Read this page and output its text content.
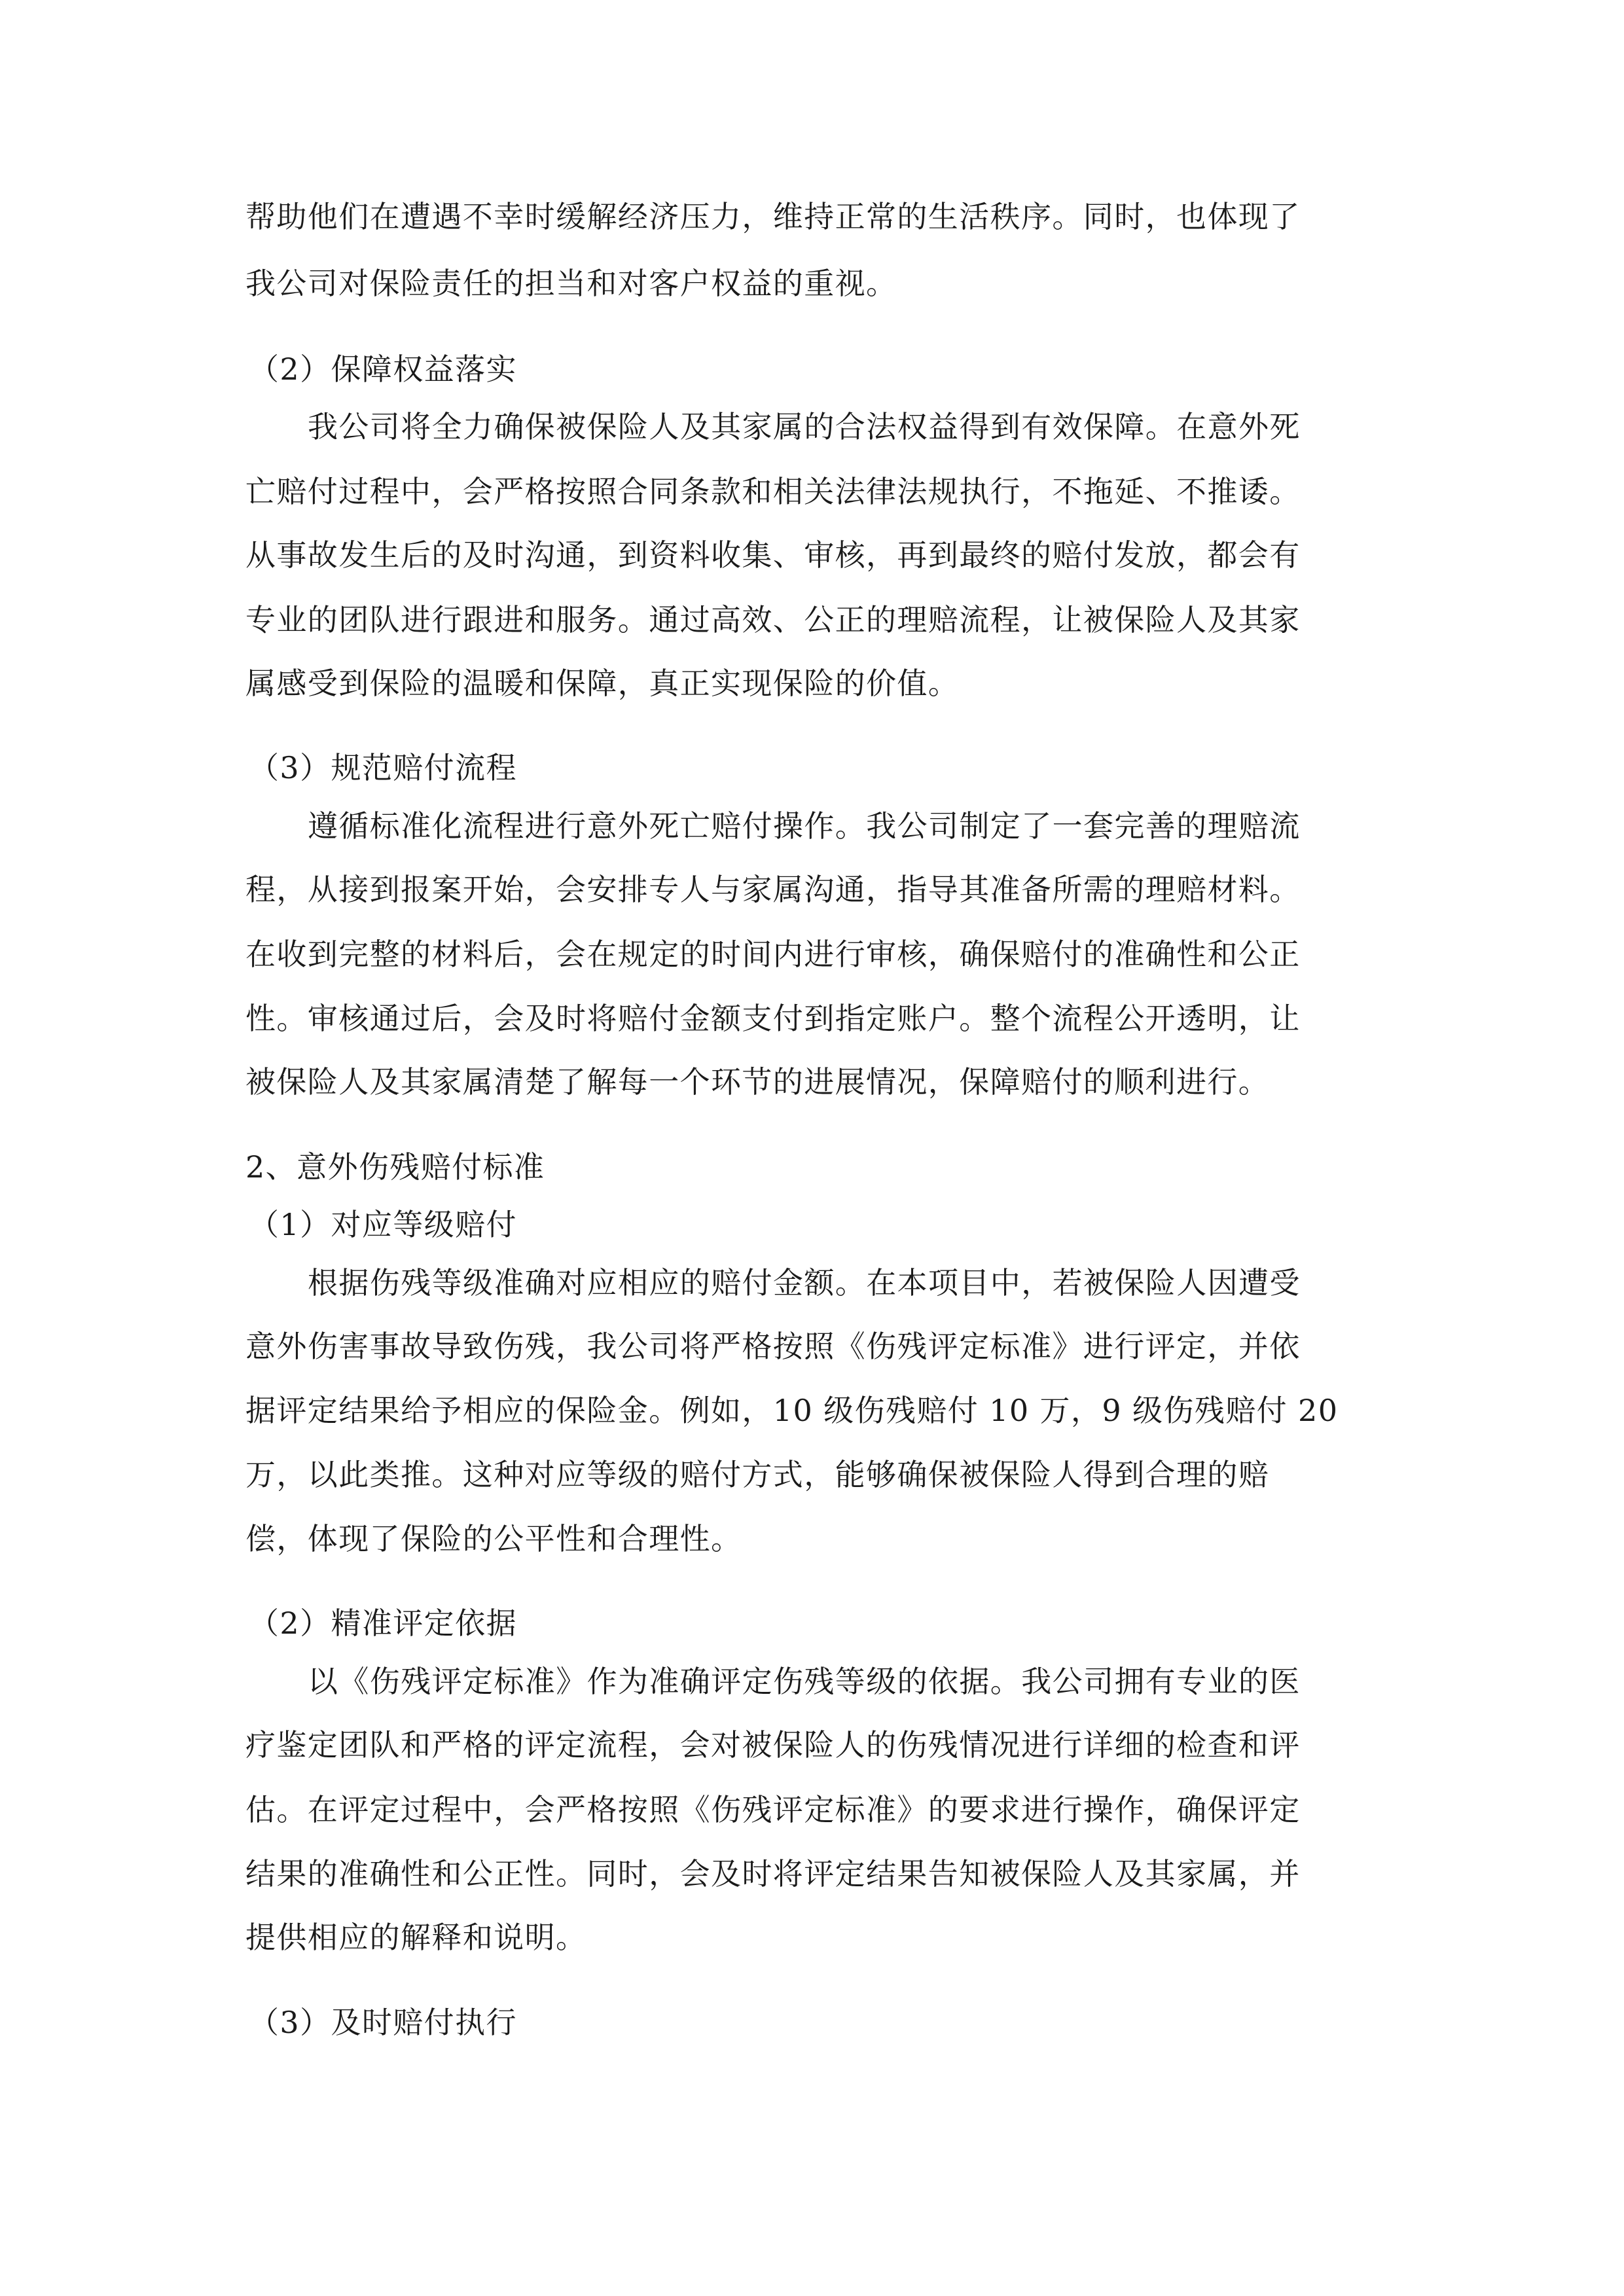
帮助他们在遭遇不幸时缓解经济压力，维持正常的生活秩序。同时，也体现了
我公司对保险责任的担当和对客户权益的重视。
（2）保障权益落实
我公司将全力确保被保险人及其家属的合法权益得到有效保障。在意外死
亡赔付过程中，会严格按照合同条款和相关法律法规执行，不拖延、不推诿。
从事故发生后的及时沟通，到资料收集、审核，再到最终的赔付发放，都会有
专业的团队进行跟进和服务。通过高效、公正的理赔流程，让被保险人及其家
属感受到保险的温暖和保障，真正实现保险的价值。
（3）规范赔付流程
遵循标准化流程进行意外死亡赔付操作。我公司制定了一套完善的理赔流
程，从接到报案开始，会安排专人与家属沟通，指导其准备所需的理赔材料。
在收到完整的材料后，会在规定的时间内进行审核，确保赔付的准确性和公正
性。审核通过后，会及时将赔付金额支付到指定账户。整个流程公开透明，让
被保险人及其家属清楚了解每一个环节的进展情况，保障赔付的顺利进行。
2、意外伤残赔付标准
（1）对应等级赔付
根据伤残等级准确对应相应的赔付金额。在本项目中，若被保险人因遭受
意外伤害事故导致伤残，我公司将严格按照《伤残评定标准》进行评定，并依
据评定结果给予相应的保险金。例如，10 级伤残赔付 10 万，9 级伤残赔付 20
万，以此类推。这种对应等级的赔付方式，能够确保被保险人得到合理的赔
偿，体现了保险的公平性和合理性。
（2）精准评定依据
以《伤残评定标准》作为准确评定伤残等级的依据。我公司拥有专业的医
疗鉴定团队和严格的评定流程，会对被保险人的伤残情况进行详细的检查和评
估。在评定过程中，会严格按照《伤残评定标准》的要求进行操作，确保评定
结果的准确性和公正性。同时，会及时将评定结果告知被保险人及其家属，并
提供相应的解释和说明。
（3）及时赔付执行
